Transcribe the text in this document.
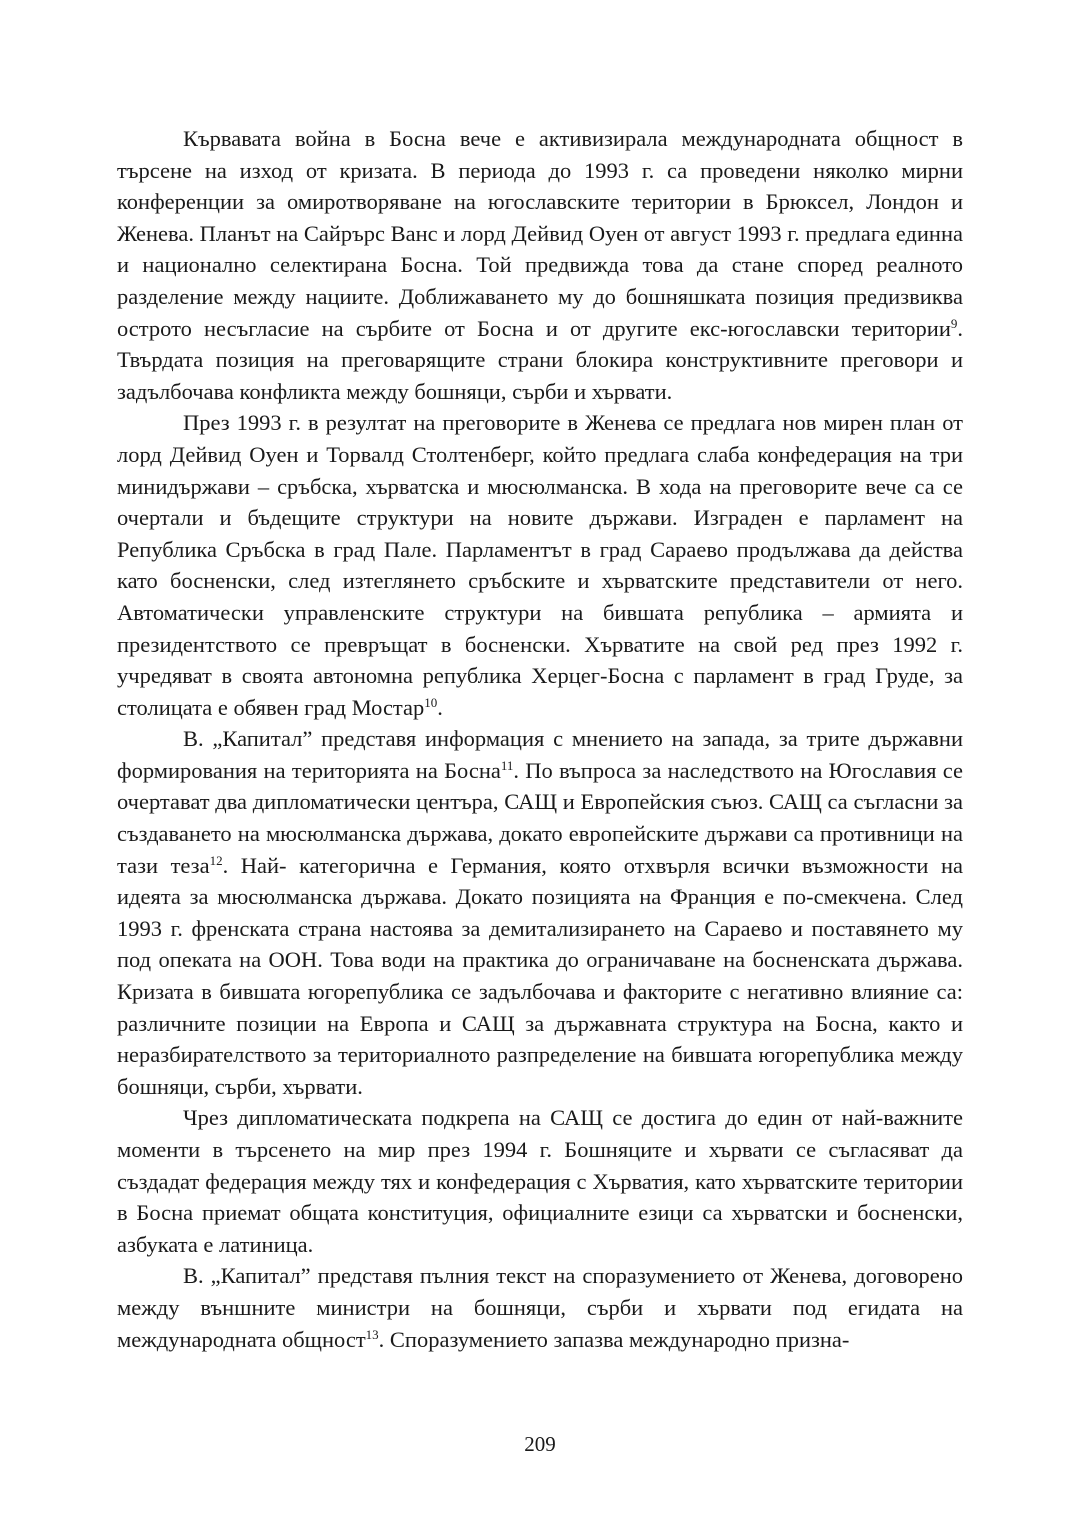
Кървавата война в Босна вече е активизирала международната общност в търсене на изход от кризата. В периода до 1993 г. са проведени няколко мирни конференции за омиротворяване на югославските територии в Брюксел, Лондон и Женева. Планът на Сайрърс Ванс и лорд Дейвид Оуен от август 1993 г. предлага единна и национално селектирана Босна. Той предвижда това да стане според реалното разделение между нациите. Доближаването му до бошняшката позиция предизвиква острото несъгласие на сърбите от Босна и от другите екс-югославски територии$^9$. Твърдата позиция на преговарящите страни блокира конструктивните преговори и задълбочава конфликта между бошняци, сърби и хървати.

През 1993 г. в резултат на преговорите в Женева се предлага нов мирен план от лорд Дейвид Оуен и Торвалд Столтенберг, който предлага слаба конфедерация на три минидържави – сръбска, хърватска и мюсюлманска. В хода на преговорите вече са се очертали и бъдещите структури на новите държави. Изграден е парламент на Република Сръбска в град Пале. Парламентът в град Сараево продължава да действа като босненски, след изтеглянето сръбските и хърватските представители от него. Автоматически управленските структури на бившата република – армията и президентството се превръщат в босненски. Хърватите на свой ред през 1992 г. учредяват в своята автономна република Херцег-Босна с парламент в град Груде, за столицата е обявен град Мостар$^{10}$.

В. „Капитал” представя информация с мнението на запада, за трите държавни формирования на територията на Босна$^{11}$. По въпроса за наследството на Югославия се очертават два дипломатически центъра, САЩ и Европейския съюз. САЩ са съгласни за създаването на мюсюлманска държава, докато европейските държави са противници на тази теза$^{12}$. Най- категорична е Германия, която отхвърля всички възможности на идеята за мюсюлманска държава. Докато позицията на Франция е по-смекчена. След 1993 г. френската страна настоява за демитализирането на Сараево и поставянето му под опеката на ООН. Това води на практика до ограничаване на босненската държава. Кризата в бившата югорепублика се задълбочава и факторите с негативно влияние са: различните позиции на Европа и САЩ за държавната структура на Босна, както и неразбирателството за териториалното разпределение на бившата югорепублика между бошняци, сърби, хървати.

Чрез дипломатическата подкрепа на САЩ се достига до един от най-важните моменти в търсенето на мир през 1994 г. Бошняците и хървати се съгласяват да създадат федерация между тях и конфедерация с Хърватия, като хърватските територии в Босна приемат общата конституция, официалните езици са хърватски и босненски, азбуката е латиница.

В. „Капитал” представя пълния текст на споразумението от Женева, договорено между външните министри на бошняци, сърби и хървати под егидата на международната общност$^{13}$. Споразумението запазва международно призна-

209
